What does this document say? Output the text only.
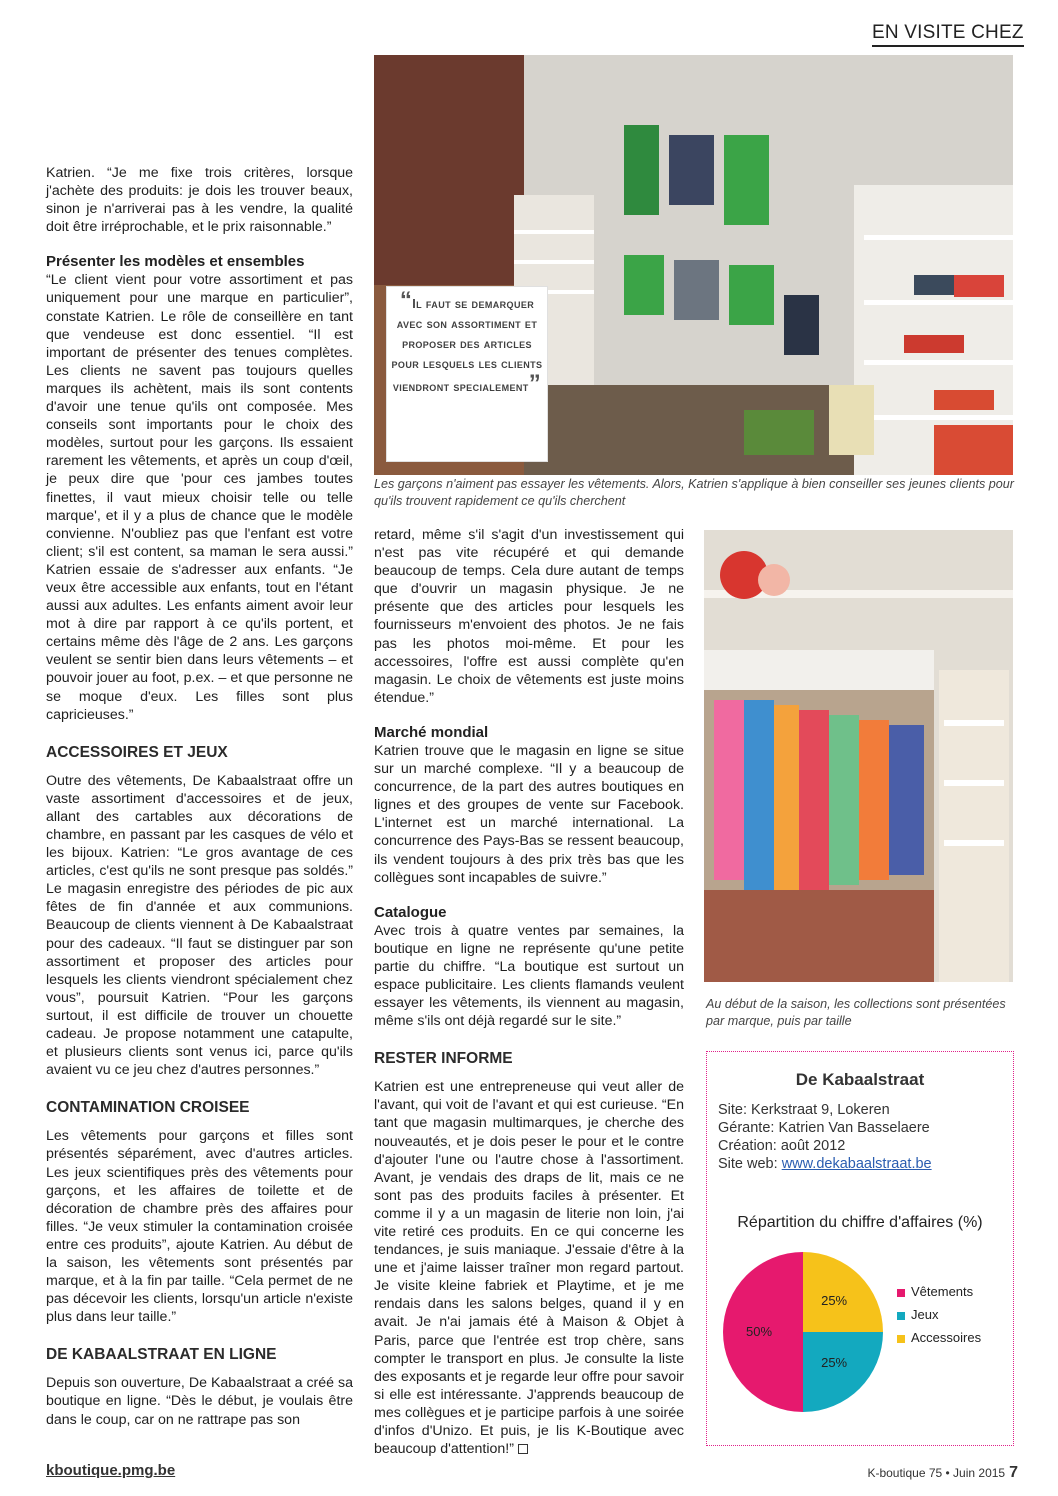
EN VISITE CHEZ

Katrien. “Je me fixe trois critères, lorsque j'achète des produits: je dois les trouver beaux, sinon je n'arriverai pas à les vendre, la qualité doit être irréprochable, et le prix raisonnable.”

Présenter les modèles et ensembles

“Le client vient pour votre assortiment et pas uniquement pour une marque en particulier”, constate Katrien. Le rôle de conseillère en tant que vendeuse est donc essentiel. “Il est important de présenter des tenues complètes. Les clients ne savent pas toujours quelles marques ils achètent, mais ils sont contents d'avoir une tenue qu'ils ont composée. Mes conseils sont importants pour le choix des modèles, surtout pour les garçons. Ils essaient rarement les vêtements, et après un coup d'œil, je peux dire que 'pour ces jambes toutes finettes, il vaut mieux choisir telle ou telle marque', et il y a plus de chance que le modèle convienne. N'oubliez pas que l'enfant est votre client; s'il est content, sa maman le sera aussi.” Katrien essaie de s'adresser aux enfants. “Je veux être accessible aux enfants, tout en l'étant aussi aux adultes. Les enfants aiment avoir leur mot à dire par rapport à ce qu'ils portent, et certains même dès l'âge de 2 ans. Les garçons veulent se sentir bien dans leurs vêtements – et pouvoir jouer au foot, p.ex. – et que personne ne se moque d'eux. Les filles sont plus capricieuses.”

ACCESSOIRES ET JEUX

Outre des vêtements, De Kabaalstraat offre un vaste assortiment d'accessoires et de jeux, allant des cartables aux décorations de chambre, en passant par les casques de vélo et les bijoux. Katrien: “Le gros avantage de ces articles, c'est qu'ils ne sont presque pas soldés.” Le magasin enregistre des périodes de pic aux fêtes de fin d'année et aux communions. Beaucoup de clients viennent à De Kabaalstraat pour des cadeaux. “Il faut se distinguer par son assortiment et proposer des articles pour lesquels les clients viendront spécialement chez vous”, poursuit Katrien. “Pour les garçons surtout, il est difficile de trouver un chouette cadeau. Je propose notamment une catapulte, et plusieurs clients sont venus ici, parce qu'ils avaient vu ce jeu chez d'autres personnes.”

CONTAMINATION CROISEE

Les vêtements pour garçons et filles sont présentés séparément, avec d'autres articles. Les jeux scientifiques près des vêtements pour garçons, et les affaires de toilette et de décoration de chambre près des affaires pour filles. “Je veux stimuler la contamination croisée entre ces produits”, ajoute Katrien. Au début de la saison, les vêtements sont présentés par marque, et à la fin par taille. “Cela permet de ne pas décevoir les clients, lorsqu'un article n'existe plus dans leur taille.”

DE KABAALSTRAAT EN LIGNE

Depuis son ouverture, De Kabaalstraat a créé sa boutique en ligne. “Dès le début, je voulais être dans le coup, car on ne rattrape pas son

“Il faut se demarquer avec son assortiment et proposer des articles pour lesquels les clients viendront specialement”
Les garçons n'aiment pas essayer les vêtements. Alors, Katrien s'applique à bien conseiller ses jeunes clients pour qu'ils trouvent rapidement ce qu'ils cherchent

retard, même s'il s'agit d'un investissement qui n'est pas vite récupéré et qui demande beaucoup de temps. Cela dure autant de temps que d'ouvrir un magasin physique. Je ne présente que des articles pour lesquels les fournisseurs m'envoient des photos. Je ne fais pas les photos moi-même. Et pour les accessoires, l'offre est aussi complète qu'en magasin. Le choix de vêtements est juste moins étendue.”

Marché mondial

Katrien trouve que le magasin en ligne se situe sur un marché complexe. “Il y a beaucoup de concurrence, de la part des autres boutiques en lignes et des groupes de vente sur Facebook. L'internet est un marché international. La concurrence des Pays-Bas se ressent beaucoup, ils vendent toujours à des prix très bas que les collègues sont incapables de suivre.”

Catalogue

Avec trois à quatre ventes par semaines, la boutique en ligne ne représente qu'une petite partie du chiffre. “La boutique est surtout un espace publicitaire. Les clients flamands veulent essayer les vêtements, ils viennent au magasin, même s'ils ont déjà regardé sur le site.”

RESTER INFORME

Katrien est une entrepreneuse qui veut aller de l'avant, qui voit de l'avant et qui est curieuse. “En tant que magasin multimarques, je cherche des nouveautés, et je dois peser le pour et le contre d'ajouter l'une ou l'autre chose à l'assortiment. Avant, je vendais des draps de lit, mais ce ne sont pas des produits faciles à présenter. Et comme il y a un magasin de literie non loin, j'ai vite retiré ces produits. En ce qui concerne les tendances, je suis maniaque. J'essaie d'être à la une et j'aime laisser traîner mon regard partout. Je visite kleine fabriek et Playtime, et je me rendais dans les salons belges, quand il y en avait. Je n'ai jamais été à Maison & Objet à Paris, parce que l'entrée est trop chère, sans compter le transport en plus. Je consulte la liste des exposants et je regarde leur offre pour savoir si elle est intéressante. J'apprends beaucoup de mes collègues et je participe parfois à une soirée d'infos d'Unizo. Et puis, je lis K-Boutique avec beaucoup d'attention!”

Au début de la saison, les collections sont présentées par marque, puis par taille
De Kabaalstraat
Site: Kerkstraat 9, Lokeren
Gérante: Katrien Van Basselaere
Création: août 2012
Site web: www.dekabaalstraat.be
Répartition du chiffre d'affaires (%)
50%
25%
25%
Vêtements
Jeux
Accessoires
kboutique.pmg.be	K-boutique 75 • Juin 2015 7
